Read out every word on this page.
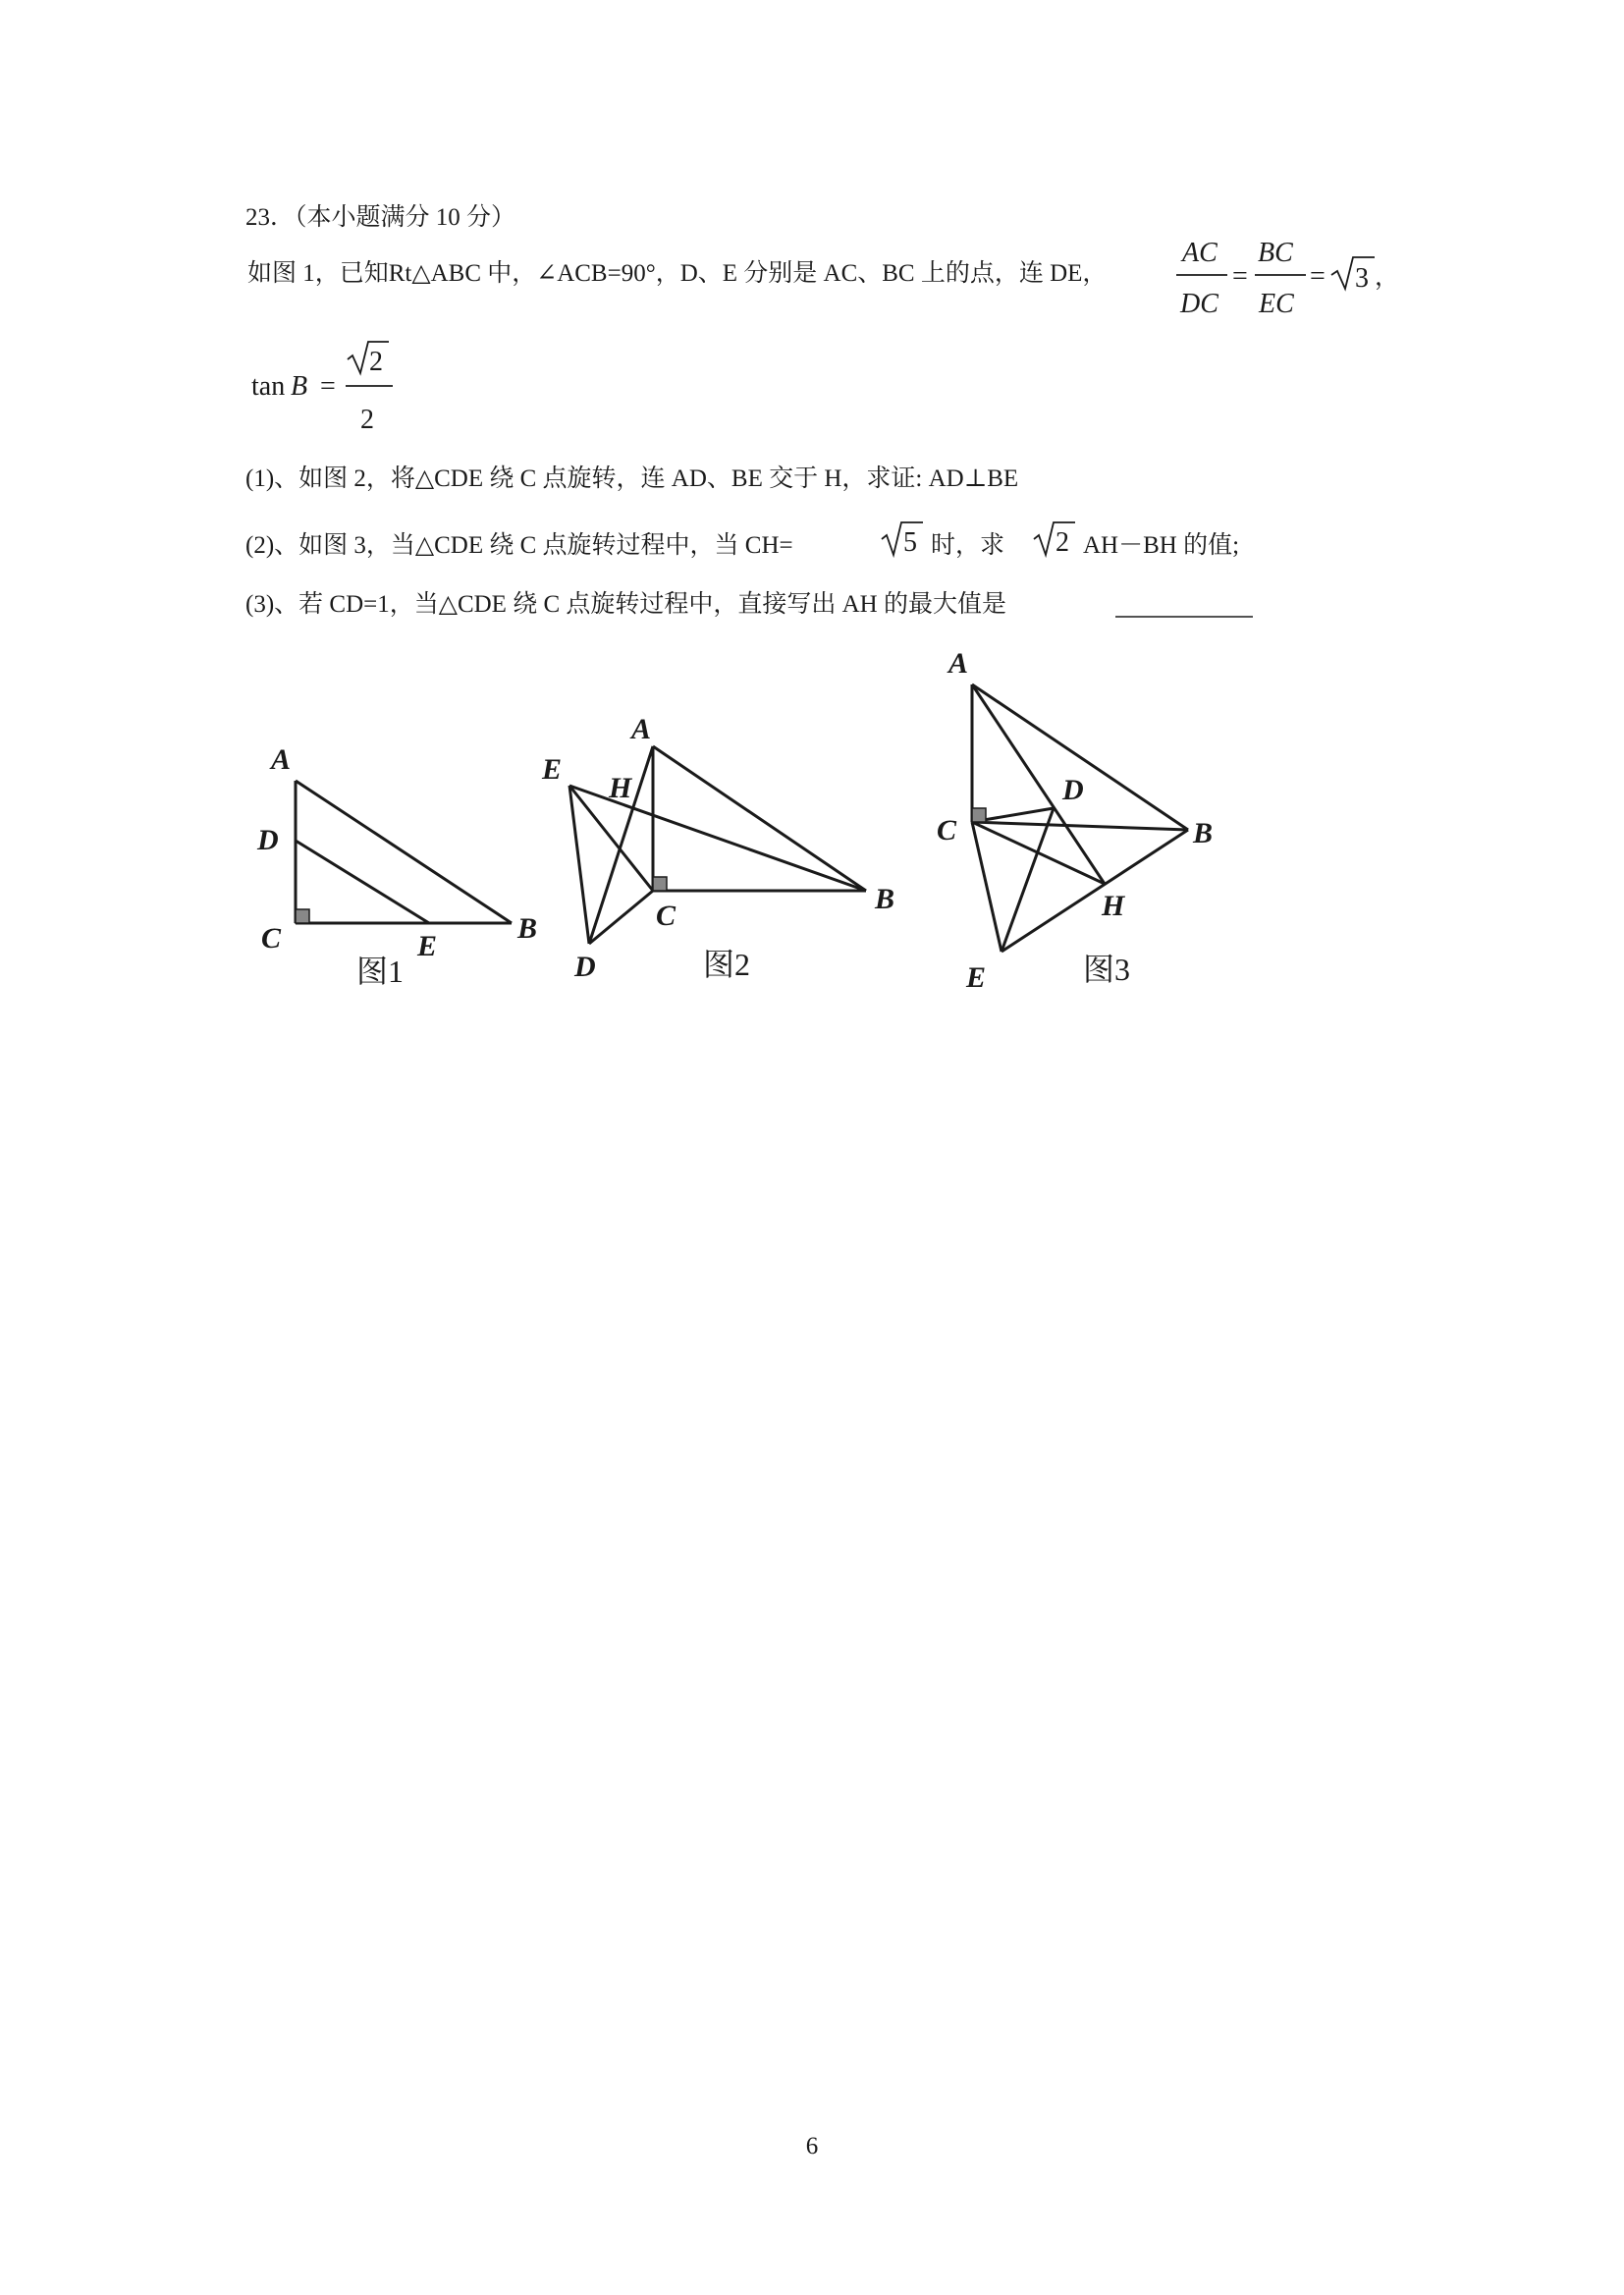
23．（本小题满分 10 分）
如图 1，已知Rt△ABC 中，∠ACB=90°，D、E 分别是 AC、BC 上的点，连 DE，
AC
DC
=
BC
EC
= 3 ，
tan B =
2
2
(1)、如图 2，将△CDE 绕 C 点旋转，连 AD、BE 交于 H，求证: AD⊥BE
(2)、如图 3，当△CDE 绕 C 点旋转过程中，当 CH=	5 时，求 2 AH－BH 的值;
(3)、若 CD=1，当△CDE 绕 C 点旋转过程中，直接写出 AH 的最大值是
A
D
C	E
B
图1
A
E
H
C
B
D	图2
A
D
C	B
H
E	图3
6
